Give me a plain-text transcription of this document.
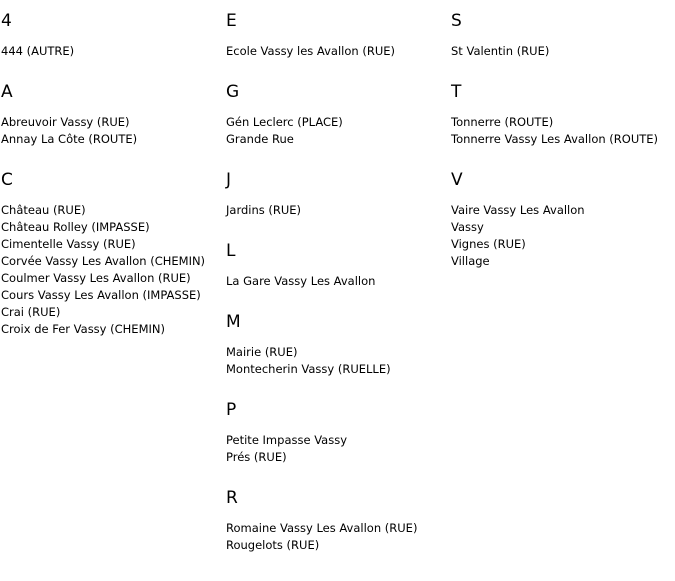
4
444 (AUTRE)
A
Abreuvoir Vassy (RUE)
Annay La Côte (ROUTE)
C
Château (RUE)
Château Rolley (IMPASSE)
Cimentelle Vassy (RUE)
Corvée Vassy Les Avallon (CHEMIN)
Coulmer Vassy Les Avallon (RUE)
Cours Vassy Les Avallon (IMPASSE)
Crai (RUE)
Croix de Fer Vassy (CHEMIN)
E
Ecole Vassy les Avallon (RUE)
G
Gén Leclerc (PLACE)
Grande Rue
J
Jardins (RUE)
L
La Gare Vassy Les Avallon
M
Mairie (RUE)
Montecherin Vassy (RUELLE)
P
Petite Impasse Vassy
Prés (RUE)
R
Romaine Vassy Les Avallon (RUE)
Rougelots (RUE)
S
St Valentin (RUE)
T
Tonnerre (ROUTE)
Tonnerre Vassy Les Avallon (ROUTE)
V
Vaire Vassy Les Avallon
Vassy
Vignes (RUE)
Village
